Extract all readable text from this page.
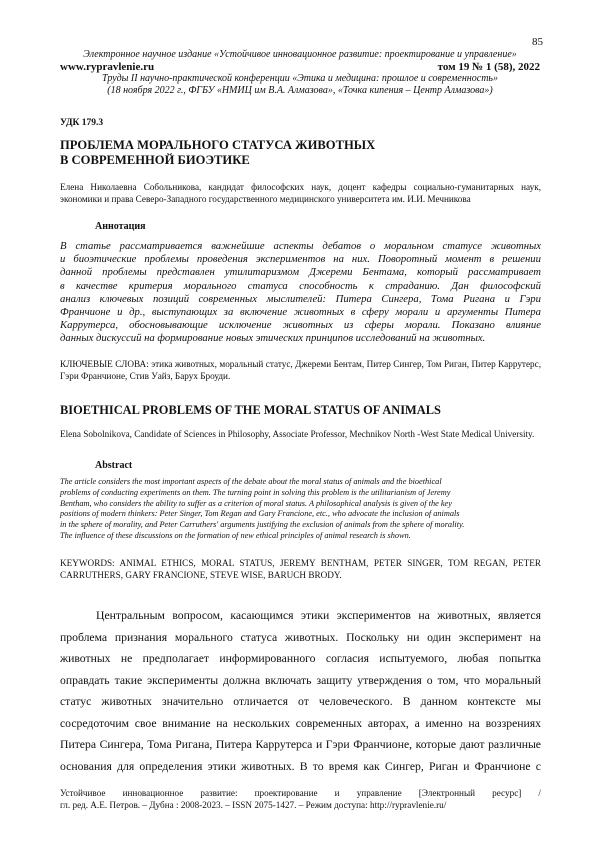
85
Электронное научное издание «Устойчивое инновационное развитие: проектирование и управление»
www.rypravlenie.ru	том 19 № 1 (58), 2022
Труды II научно-практической конференции «Этика и медицина: прошлое и современность»
(18 ноября 2022 г., ФГБУ «НМИЦ им В.А. Алмазова», «Точка кипения – Центр Алмазова»)
УДК 179.3
ПРОБЛЕМА МОРАЛЬНОГО СТАТУСА ЖИВОТНЫХ
В СОВРЕМЕННОЙ БИОЭТИКЕ
Елена Николаевна Собольникова, кандидат философских наук, доцент кафедры социально-гуманитарных наук, экономики и права Северо-Западного государственного медицинского университета им. И.И. Мечникова
Аннотация
В статье рассматривается важнейшие аспекты дебатов о моральном статусе животных
и биоэтические проблемы проведения экспериментов на них. Поворотный момент в решении
данной проблемы представлен утилитаризмом Джереми Бентама, который рассматривает
в качестве критерия морального статуса способность к страданию. Дан философский
анализ ключевых позиций современных мыслителей: Питера Сингера, Тома Ригана и Гэри
Франчионе и др., выступающих за включение животных в сферу морали и аргументы Питера
Каррутерса, обосновывающие исключение животных из сферы морали. Показано влияние
данных дискуссий на формирование новых этических принципов исследований на животных.
КЛЮЧЕВЫЕ СЛОВА: этика животных, моральный статус, Джереми Бентам, Питер Сингер, Том Риган, Питер Каррутерс, Гэри Франчионе, Стив Уайз, Барух Броуди.
BIOETHICAL PROBLEMS OF THE MORAL STATUS OF ANIMALS
Elena Sobolnikova, Candidate of Sciences in Philosophy, Associate Professor, Mechnikov North -West State Medical University.
Abstract
The article considers the most important aspects of the debate about the moral status of animals and the bioethical
problems of conducting experiments on them. The turning point in solving this problem is the utilitarianism of Jeremy
Bentham, who considers the ability to suffer as a criterion of moral status. A philosophical analysis is given of the key
positions of modern thinkers: Peter Singer, Tom Regan and Gary Francione, etc., who advocate the inclusion of animals
in the sphere of morality, and Peter Carruthers' arguments justifying the exclusion of animals from the sphere of morality.
The influence of these discussions on the formation of new ethical principles of animal research is shown.
KEYWORDS: ANIMAL ETHICS, MORAL STATUS, JEREMY BENTHAM, PETER SINGER, TOM REGAN, PETER CARRUTHERS, GARY FRANCIONE, STEVE WISE, BARUCH BRODY.
Центральным вопросом, касающимся этики экспериментов на животных, является
проблема признания морального статуса животных. Поскольку ни один эксперимент на
животных не предполагает информированного согласия испытуемого, любая попытка
оправдать такие эксперименты должна включать защиту утверждения о том, что моральный
статус животных значительно отличается от человеческого. В данном контексте мы
сосредоточим свое внимание на нескольких современных авторах, а именно на воззрениях
Питера Сингера, Тома Ригана, Питера Каррутерса и Гэри Франчионе, которые дают различные
основания для определения этики животных. В то время как Сингер, Риган и Франчионе с
Устойчивое инновационное развитие: проектирование и управление [Электронный ресурс] /
гл. ред. А.Е. Петров. – Дубна : 2008-2023. – ISSN 2075-1427. – Режим доступа: http://rypravlenie.ru/
